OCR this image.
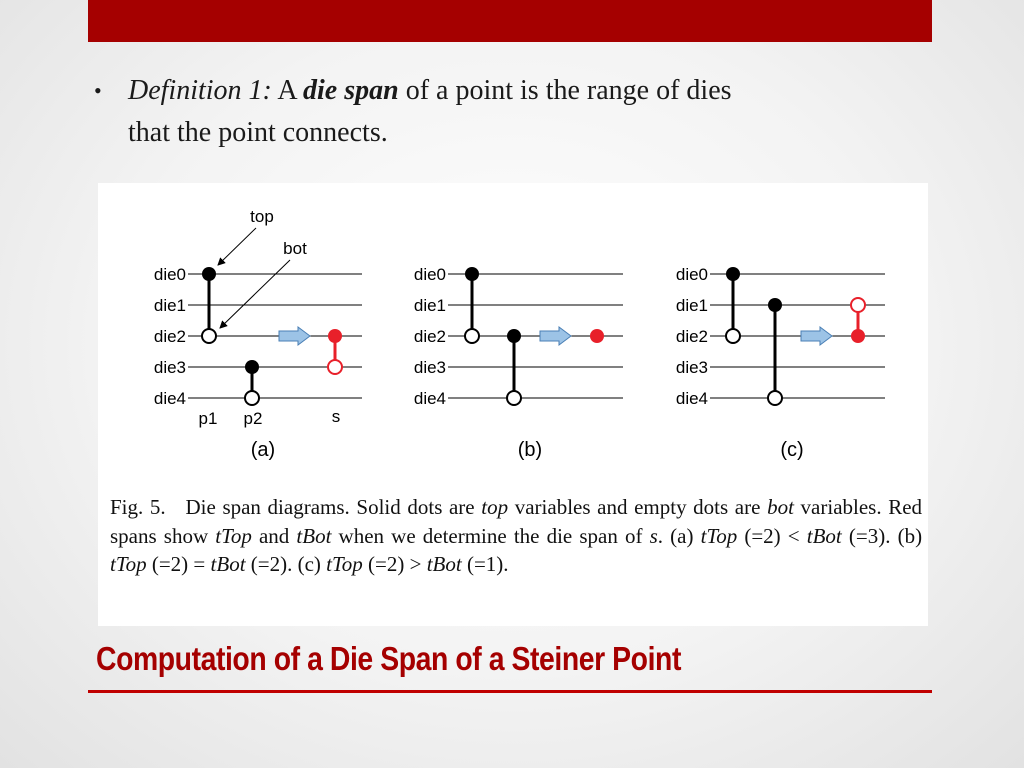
• Definition 1: A die span of a point is the range of dies
that the point connects.
die0
die1
die2
die3
die4
top
bot
p1 p2	s
(a)
die0
die1
die2
die3
die4
(b)
die0
die1
die2
die3
die4
(c)
Fig. 5. Die span diagrams. Solid dots are top variables and empty dots are bot variables. Red spans show tTop and tBot when we determine the die span of s. (a) tTop (=2) < tBot (=3). (b) tTop (=2) = tBot (=2). (c) tTop (=2) > tBot (=1).
Computation of a Die Span of a Steiner Point
